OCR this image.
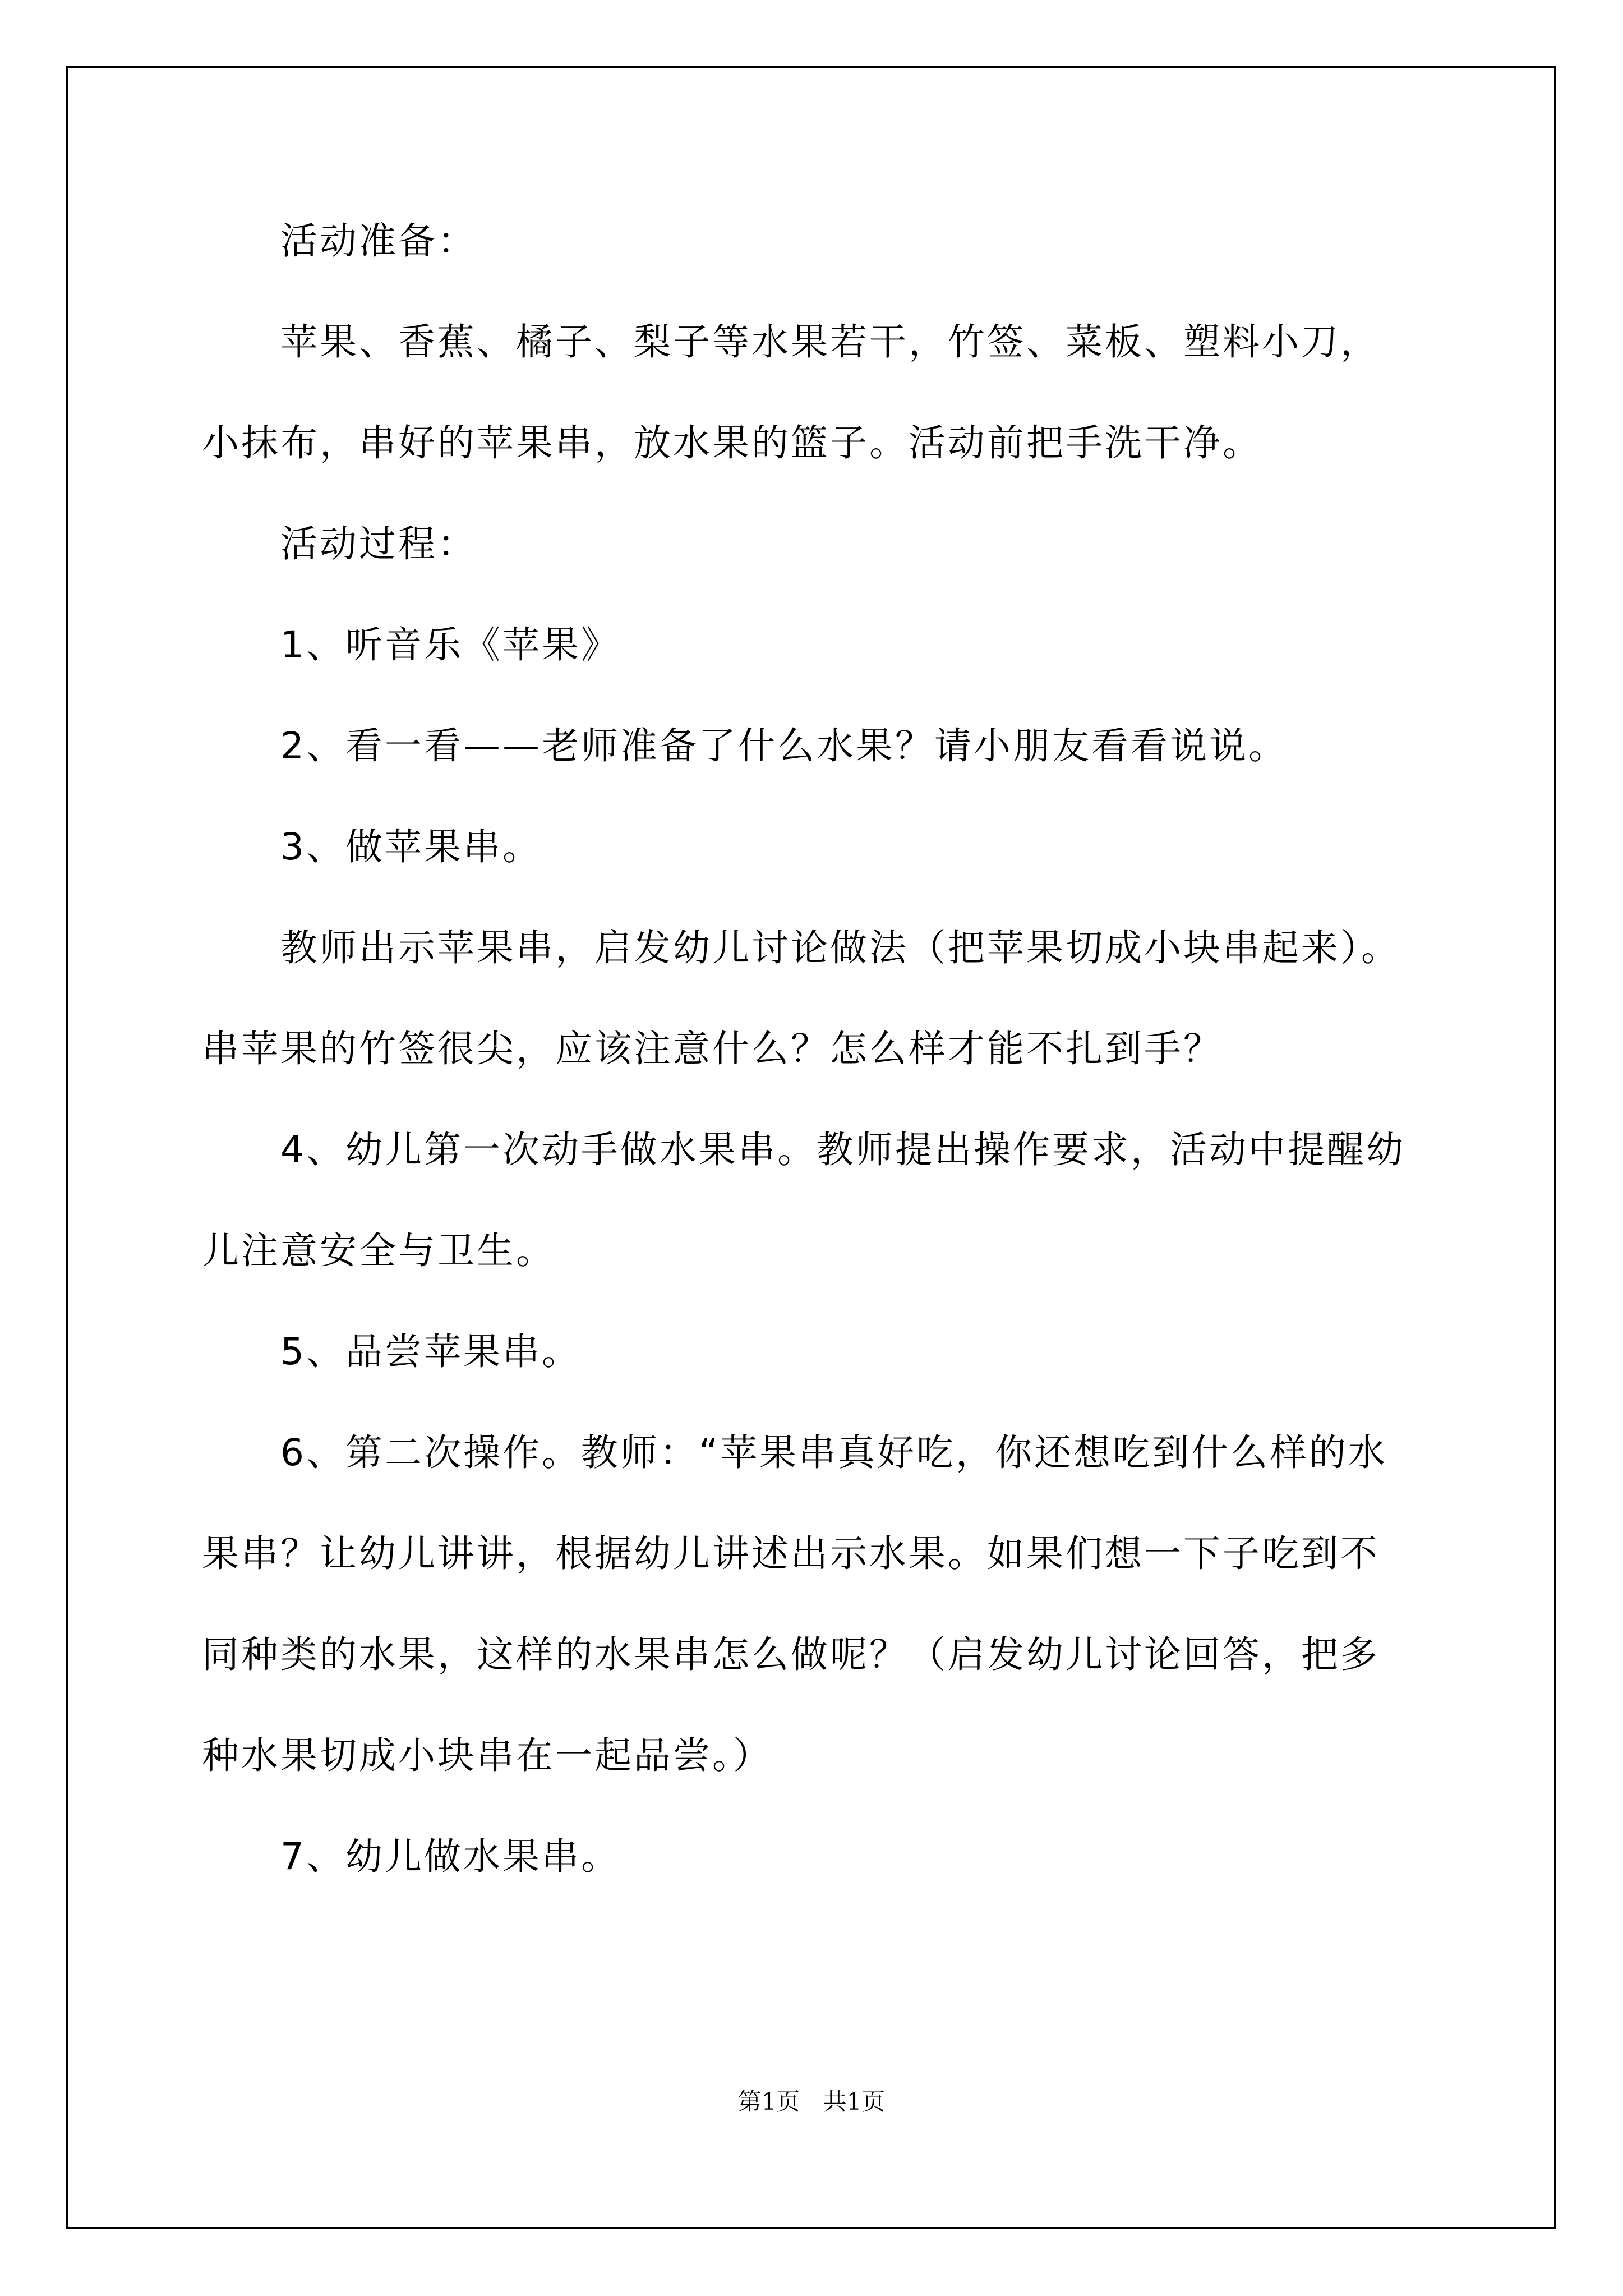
活动准备：
苹果、香蕉、橘子、梨子等水果若干，竹签、菜板、塑料小刀，
小抹布，串好的苹果串，放水果的篮子。活动前把手洗干净。
活动过程：
1、听音乐《苹果》
2、看一看——老师准备了什么水果？请小朋友看看说说。
3、做苹果串。
教师出示苹果串，启发幼儿讨论做法（把苹果切成小块串起来）。
串苹果的竹签很尖，应该注意什么？怎么样才能不扎到手？
4、幼儿第一次动手做水果串。教师提出操作要求，活动中提醒幼
儿注意安全与卫生。
5、品尝苹果串。
6、第二次操作。教师：“苹果串真好吃，你还想吃到什么样的水
果串？让幼儿讲讲，根据幼儿讲述出示水果。如果们想一下子吃到不
同种类的水果，这样的水果串怎么做呢？（启发幼儿讨论回答，把多
种水果切成小块串在一起品尝。）
7、幼儿做水果串。
第1页 共1页
